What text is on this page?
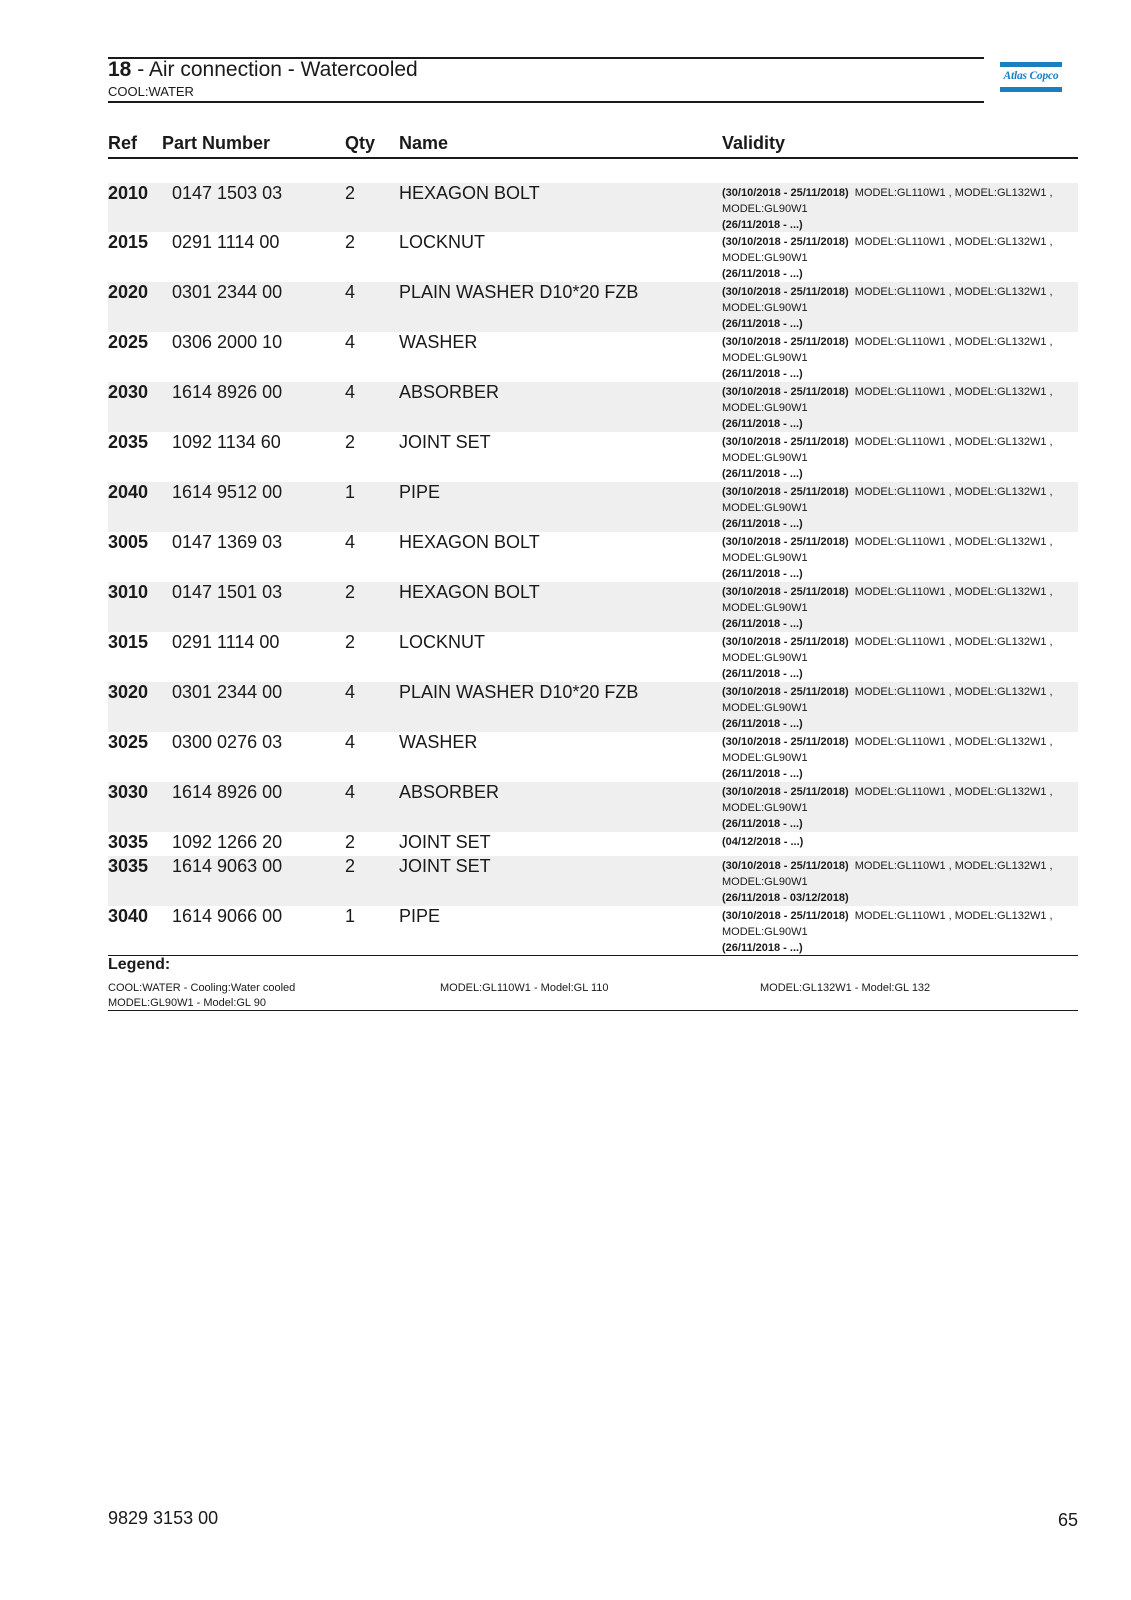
18 - Air connection - Watercooled
COOL:WATER
Atlas Copco
Ref Part Number	Qty Name	Validity
2010 0147 1503 03	2 HEXAGON BOLT	(30/10/2018 - 25/11/2018) MODEL:GL110W1 , MODEL:GL132W1 ,
MODEL:GL90W1
(26/11/2018 - ...)
2015 0291 1114 00	2 LOCKNUT	(30/10/2018 - 25/11/2018) MODEL:GL110W1 , MODEL:GL132W1 ,
MODEL:GL90W1
(26/11/2018 - ...)
2020 0301 2344 00	4 PLAIN WASHER D10*20 FZB	(30/10/2018 - 25/11/2018) MODEL:GL110W1 , MODEL:GL132W1 ,
MODEL:GL90W1
(26/11/2018 - ...)
2025 0306 2000 10	4 WASHER	(30/10/2018 - 25/11/2018) MODEL:GL110W1 , MODEL:GL132W1 ,
MODEL:GL90W1
(26/11/2018 - ...)
2030 1614 8926 00	4 ABSORBER	(30/10/2018 - 25/11/2018) MODEL:GL110W1 , MODEL:GL132W1 ,
MODEL:GL90W1
(26/11/2018 - ...)
2035 1092 1134 60	2 JOINT SET	(30/10/2018 - 25/11/2018) MODEL:GL110W1 , MODEL:GL132W1 ,
MODEL:GL90W1
(26/11/2018 - ...)
2040 1614 9512 00	1 PIPE	(30/10/2018 - 25/11/2018) MODEL:GL110W1 , MODEL:GL132W1 ,
MODEL:GL90W1
(26/11/2018 - ...)
3005 0147 1369 03	4 HEXAGON BOLT	(30/10/2018 - 25/11/2018) MODEL:GL110W1 , MODEL:GL132W1 ,
MODEL:GL90W1
(26/11/2018 - ...)
3010 0147 1501 03	2 HEXAGON BOLT	(30/10/2018 - 25/11/2018) MODEL:GL110W1 , MODEL:GL132W1 ,
MODEL:GL90W1
(26/11/2018 - ...)
3015 0291 1114 00	2 LOCKNUT	(30/10/2018 - 25/11/2018) MODEL:GL110W1 , MODEL:GL132W1 ,
MODEL:GL90W1
(26/11/2018 - ...)
3020 0301 2344 00	4 PLAIN WASHER D10*20 FZB	(30/10/2018 - 25/11/2018) MODEL:GL110W1 , MODEL:GL132W1 ,
MODEL:GL90W1
(26/11/2018 - ...)
3025 0300 0276 03	4 WASHER	(30/10/2018 - 25/11/2018) MODEL:GL110W1 , MODEL:GL132W1 ,
MODEL:GL90W1
(26/11/2018 - ...)
3030 1614 8926 00	4 ABSORBER	(30/10/2018 - 25/11/2018) MODEL:GL110W1 , MODEL:GL132W1 ,
MODEL:GL90W1
(26/11/2018 - ...)
3035 1092 1266 20	2 JOINT SET	(04/12/2018 - ...)
3035 1614 9063 00	2 JOINT SET	(30/10/2018 - 25/11/2018) MODEL:GL110W1 , MODEL:GL132W1 ,
MODEL:GL90W1
(26/11/2018 - 03/12/2018)
3040 1614 9066 00	1 PIPE	(30/10/2018 - 25/11/2018) MODEL:GL110W1 , MODEL:GL132W1 ,
MODEL:GL90W1
(26/11/2018 - ...)
Legend:
COOL:WATER - Cooling:Water cooled	MODEL:GL110W1 - Model:GL 110	MODEL:GL132W1 - Model:GL 132
MODEL:GL90W1 - Model:GL 90
9829 3153 00	65
